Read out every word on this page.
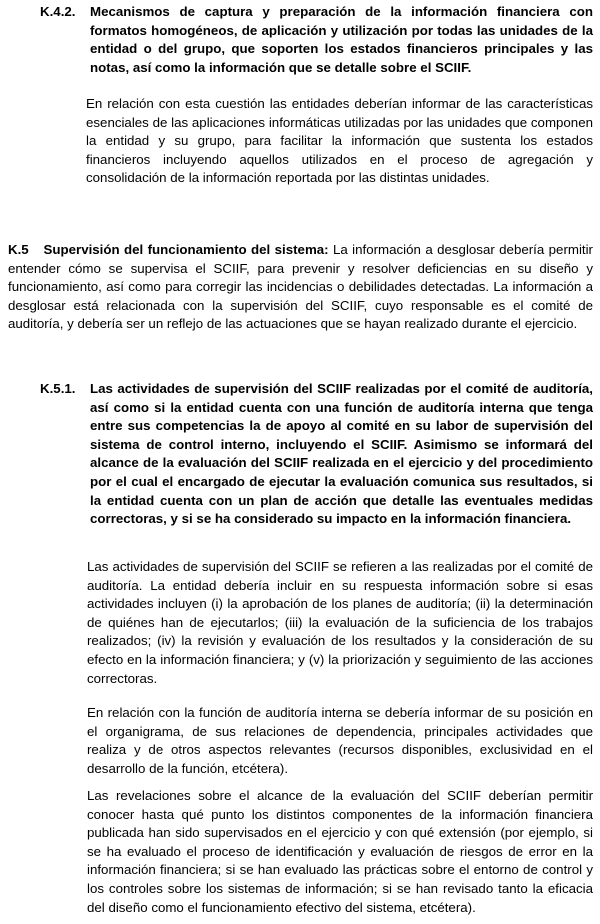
K.4.2. Mecanismos de captura y preparación de la información financiera con formatos homogéneos, de aplicación y utilización por todas las unidades de la entidad o del grupo, que soporten los estados financieros principales y las notas, así como la información que se detalle sobre el SCIIF.
En relación con esta cuestión las entidades deberían informar de las características esenciales de las aplicaciones informáticas utilizadas por las unidades que componen la entidad y su grupo, para facilitar la información que sustenta los estados financieros incluyendo aquellos utilizados en el proceso de agregación y consolidación de la información reportada por las distintas unidades.
K.5 Supervisión del funcionamiento del sistema: La información a desglosar debería permitir entender cómo se supervisa el SCIIF, para prevenir y resolver deficiencias en su diseño y funcionamiento, así como para corregir las incidencias o debilidades detectadas. La información a desglosar está relacionada con la supervisión del SCIIF, cuyo responsable es el comité de auditoría, y debería ser un reflejo de las actuaciones que se hayan realizado durante el ejercicio.
K.5.1. Las actividades de supervisión del SCIIF realizadas por el comité de auditoría, así como si la entidad cuenta con una función de auditoría interna que tenga entre sus competencias la de apoyo al comité en su labor de supervisión del sistema de control interno, incluyendo el SCIIF. Asimismo se informará del alcance de la evaluación del SCIIF realizada en el ejercicio y del procedimiento por el cual el encargado de ejecutar la evaluación comunica sus resultados, si la entidad cuenta con un plan de acción que detalle las eventuales medidas correctoras, y si se ha considerado su impacto en la información financiera.
Las actividades de supervisión del SCIIF se refieren a las realizadas por el comité de auditoría. La entidad debería incluir en su respuesta información sobre si esas actividades incluyen (i) la aprobación de los planes de auditoría; (ii) la determinación de quiénes han de ejecutarlos; (iii) la evaluación de la suficiencia de los trabajos realizados; (iv) la revisión y evaluación de los resultados y la consideración de su efecto en la información financiera; y (v) la priorización y seguimiento de las acciones correctoras.
En relación con la función de auditoría interna se debería informar de su posición en el organigrama, de sus relaciones de dependencia, principales actividades que realiza y de otros aspectos relevantes (recursos disponibles, exclusividad en el desarrollo de la función, etcétera).
Las revelaciones sobre el alcance de la evaluación del SCIIF deberían permitir conocer hasta qué punto los distintos componentes de la información financiera publicada han sido supervisados en el ejercicio y con qué extensión (por ejemplo, si se ha evaluado el proceso de identificación y evaluación de riesgos de error en la información financiera; si se han evaluado las prácticas sobre el entorno de control y los controles sobre los sistemas de información; si se han revisado tanto la eficacia del diseño como el funcionamiento efectivo del sistema, etcétera).
